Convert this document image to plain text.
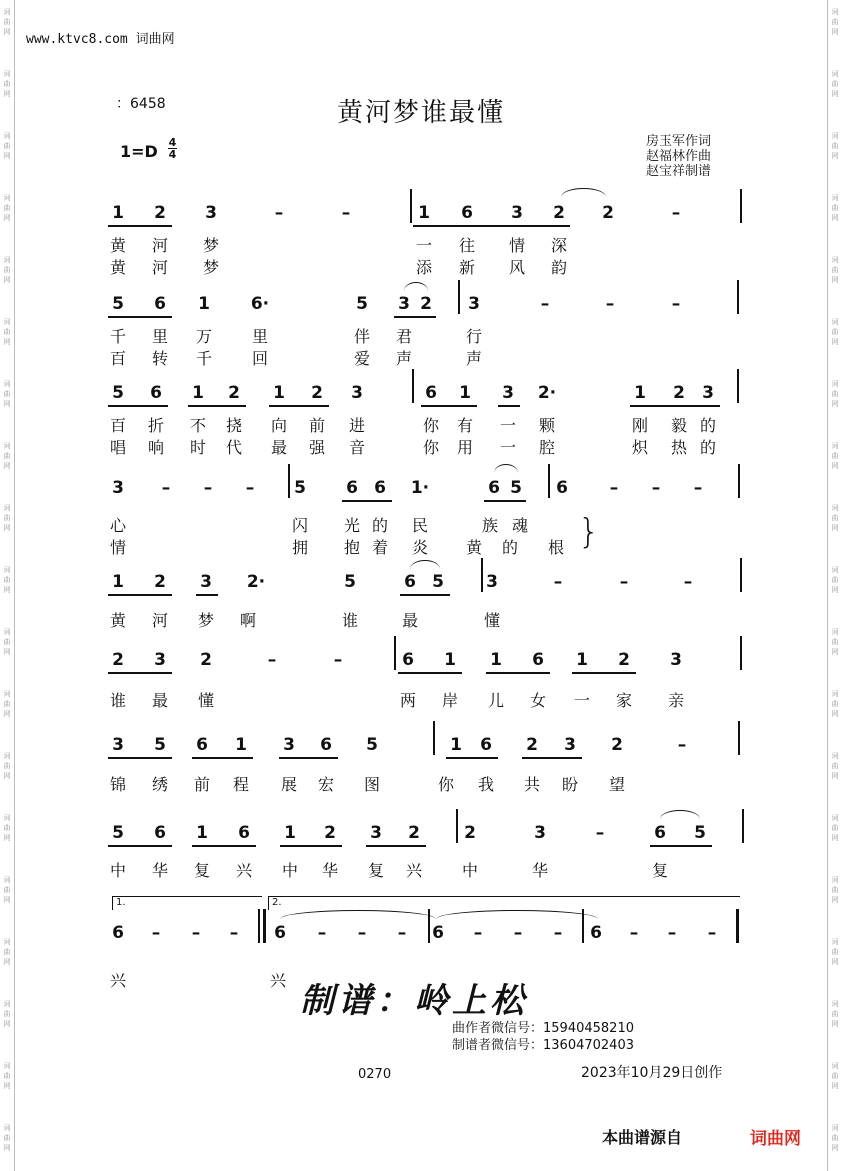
词
曲
网
词
曲
网
词
曲
网
词
曲
网
词
曲
网
词
曲
网
词
曲
网
词
曲
网
词
曲
网
词
曲
网
词
曲
网
词
曲
网
词
曲
网
词
曲
网
词
曲
网
词
曲
网
词
曲
网
词
曲
网
词
曲
网
词
曲
网
词
曲
网
词
曲
网
词
曲
网
词
曲
网
词
曲
网
词
曲
网
词
曲
网
词
曲
网
词
曲
网
词
曲
网
词
曲
网
词
曲
网
词
曲
网
词
曲
网
词
曲
网
词
曲
网
词
曲
网
词
曲
网
www.ktvc8.com 词曲网
：6458	黄河梦谁最懂
1=D 4
4
房玉军作词
赵福林作曲
赵宝祥制谱
1 2 3	–	–	1 6 3 2 2	–
黄 河 梦	一 往 情 深
黄 河 梦	添 新 风 韵
5 6 1 6·	5 3 2 3	–	–	–
千 里 万 里	伴 君	行
百 转 千 回	爱 声	声
5 6 1 2 1 2 3	6 1 3 2·	1 2 3
百 折 不 挠 向 前 进	你 有 一 颗	刚 毅 的
唱 响 时 代 最 强 音	你 用 一 腔	炽 热 的
3 – – – 5 6 6 1·	6 5 6 – – –
心	闪 光 的 民	族 魂
情	拥 抱 着 炎 黄 的 根 }
1 2 3 2·	5	6 5 3	–	–	–
黄 河 梦 啊	谁	最	懂
2 3 2	–	–	6 1 1 6 1 2 3
谁 最 懂	两 岸 儿 女 一 家 亲
3 5 6 1 3 6 5	1 6 2 3 2	–
锦 绣 前 程 展 宏 图	你 我 共 盼 望
5 6 1 6 1 2 3 2	2	3	–	6 5
中 华 复 兴 中 华 复 兴 中	华	复
6 – – – 6 – – – 6 – – – 6 – – –
兴	兴
1.	2.
制谱：岭上松
曲作者微信号：15940458210
制谱者微信号：13604702403
0270	2023年10月29日创作
本曲谱源自	词曲网
